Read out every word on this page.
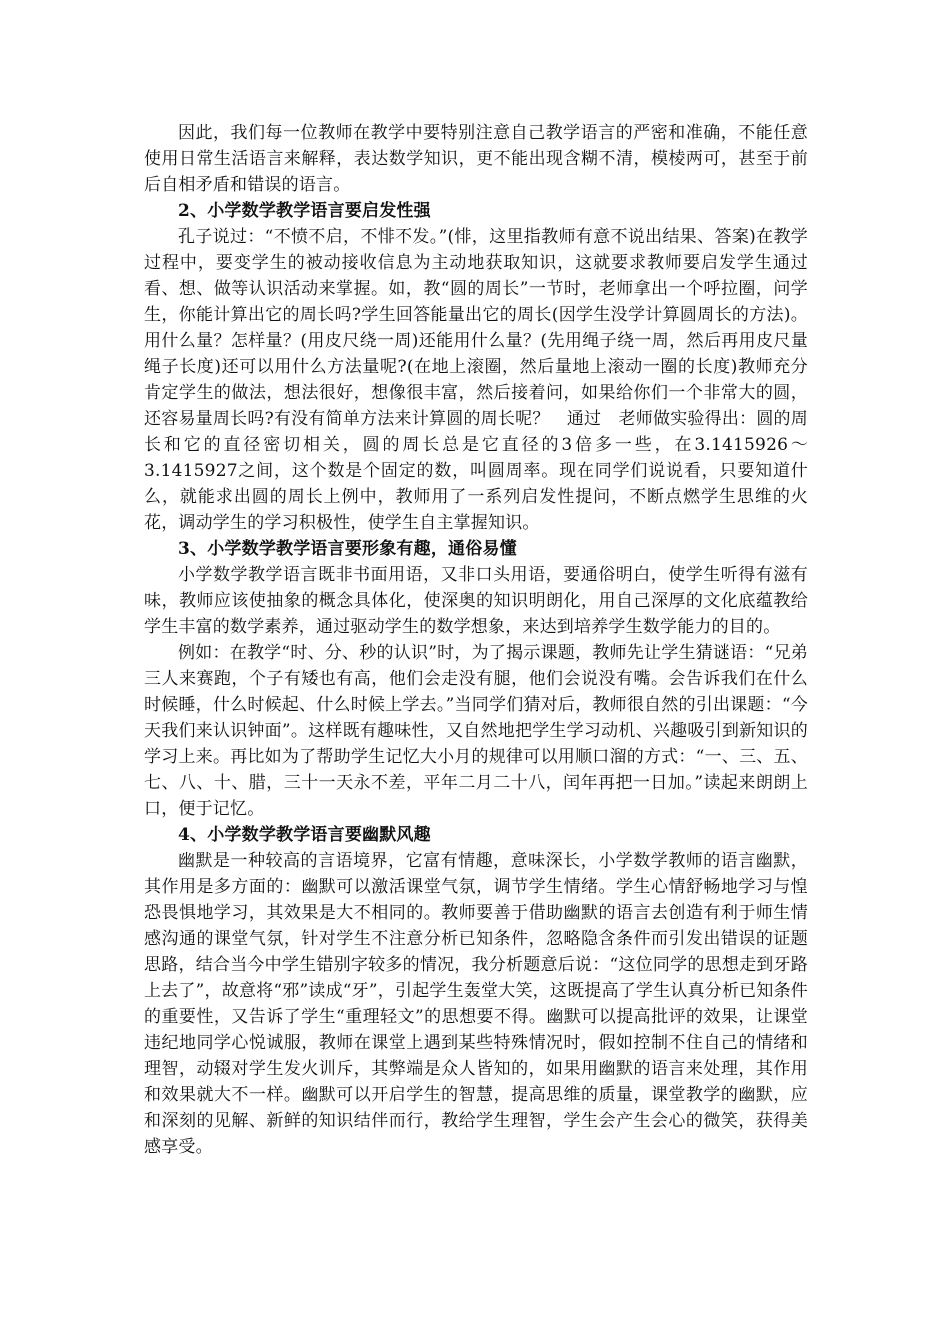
因此，我们每一位教师在教学中要特别注意自己教学语言的严密和准确，不能任意使用日常生活语言来解释，表达数学知识，更不能出现含糊不清，模棱两可，甚至于前后自相矛盾和错误的语言。

2、小学数学教学语言要启发性强

孔子说过：“不愤不启，不悱不发。”(悱，这里指教师有意不说出结果、答案)在教学过程中，要变学生的被动接收信息为主动地获取知识，这就要求教师要启发学生通过看、想、做等认识活动来掌握。如，教“圆的周长”一节时，老师拿出一个呼拉圈，问学生，你能计算出它的周长吗?学生回答能量出它的周长(因学生没学计算圆周长的方法)。用什么量？怎样量？(用皮尺绕一周)还能用什么量？(先用绳子绕一周，然后再用皮尺量绳子长度)还可以用什么方法量呢?(在地上滚圈，然后量地上滚动一圈的长度)教师充分肯定学生的做法，想法很好，想像很丰富，然后接着问，如果给你们一个非常大的圆，还容易量周长吗?有没有简单方法来计算圆的周长呢？　通过　老师做实验得出：圆的周长和它的直径密切相关，圆的周长总是它直径的3倍多一些，在3.1415926～3.1415927之间，这个数是个固定的数，叫圆周率。现在同学们说说看，只要知道什么，就能求出圆的周长上例中，教师用了一系列启发性提问，不断点燃学生思维的火花，调动学生的学习积极性，使学生自主掌握知识。

3、小学数学教学语言要形象有趣，通俗易懂

小学数学教学语言既非书面用语，又非口头用语，要通俗明白，使学生听得有滋有味，教师应该使抽象的概念具体化，使深奥的知识明朗化，用自己深厚的文化底蕴教给学生丰富的数学素养，通过驱动学生的数学想象，来达到培养学生数学能力的目的。

例如：在教学“时、分、秒的认识”时，为了揭示课题，教师先让学生猜谜语：“兄弟三人来赛跑，个子有矮也有高，他们会走没有腿，他们会说没有嘴。会告诉我们在什么时候睡，什么时候起、什么时候上学去。”当同学们猜对后，教师很自然的引出课题：“今天我们来认识钟面”。这样既有趣味性，又自然地把学生学习动机、兴趣吸引到新知识的学习上来。再比如为了帮助学生记忆大小月的规律可以用顺口溜的方式：“一、三、五、七、八、十、腊，三十一天永不差，平年二月二十八，闰年再把一日加。”读起来朗朗上口，便于记忆。

4、小学数学教学语言要幽默风趣

幽默是一种较高的言语境界，它富有情趣，意味深长，小学数学教师的语言幽默，其作用是多方面的：幽默可以激活课堂气氛，调节学生情绪。学生心情舒畅地学习与惶恐畏惧地学习，其效果是大不相同的。教师要善于借助幽默的语言去创造有利于师生情感沟通的课堂气氛，针对学生不注意分析已知条件，忽略隐含条件而引发出错误的证题思路，结合当今中学生错别字较多的情况，我分析题意后说：“这位同学的思想走到牙路上去了”，故意将“邪”读成“牙”，引起学生轰堂大笑，这既提高了学生认真分析已知条件的重要性，又告诉了学生“重理轻文”的思想要不得。幽默可以提高批评的效果，让课堂违纪地同学心悦诚服，教师在课堂上遇到某些特殊情况时，假如控制不住自己的情绪和理智，动辍对学生发火训斥，其弊端是众人皆知的，如果用幽默的语言来处理，其作用和效果就大不一样。幽默可以开启学生的智慧，提高思维的质量，课堂教学的幽默，应和深刻的见解、新鲜的知识结伴而行，教给学生理智，学生会产生会心的微笑，获得美感享受。
